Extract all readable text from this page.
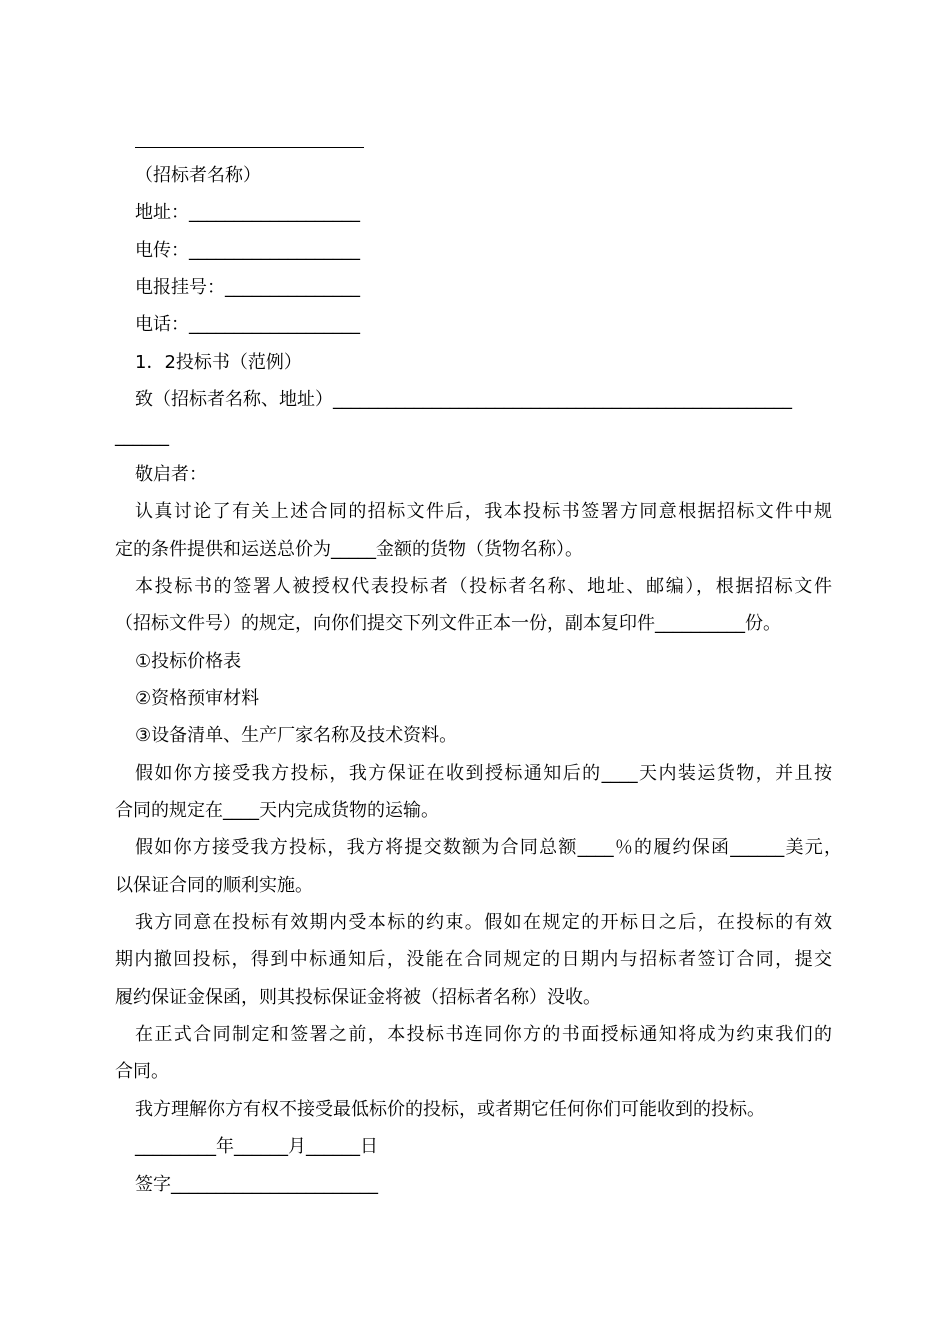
（招标者名称）
地址：___________________
电传：___________________
电报挂号：_______________
电话：___________________
1．2投标书（范例）
致（招标者名称、地址）___________________________________________________
______
敬启者：
认真讨论了有关上述合同的招标文件后，我本投标书签署方同意根据招标文件中规
定的条件提供和运送总价为_____金额的货物（货物名称）。
本投标书的签署人被授权代表投标者（投标者名称、地址、邮编），根据招标文件
（招标文件号）的规定，向你们提交下列文件正本一份，副本复印件__________份。
①投标价格表
②资格预审材料
③设备清单、生产厂家名称及技术资料。
假如你方接受我方投标，我方保证在收到授标通知后的____天内装运货物，并且按
合同的规定在____天内完成货物的运输。
假如你方接受我方投标，我方将提交数额为合同总额____％的履约保函______美元，
以保证合同的顺利实施。
我方同意在投标有效期内受本标的约束。假如在规定的开标日之后，在投标的有效
期内撤回投标，得到中标通知后，没能在合同规定的日期内与招标者签订合同，提交
履约保证金保函，则其投标保证金将被（招标者名称）没收。
在正式合同制定和签署之前，本投标书连同你方的书面授标通知将成为约束我们的
合同。
我方理解你方有权不接受最低标价的投标，或者期它任何你们可能收到的投标。
_________年______月______日
签字_______________________
